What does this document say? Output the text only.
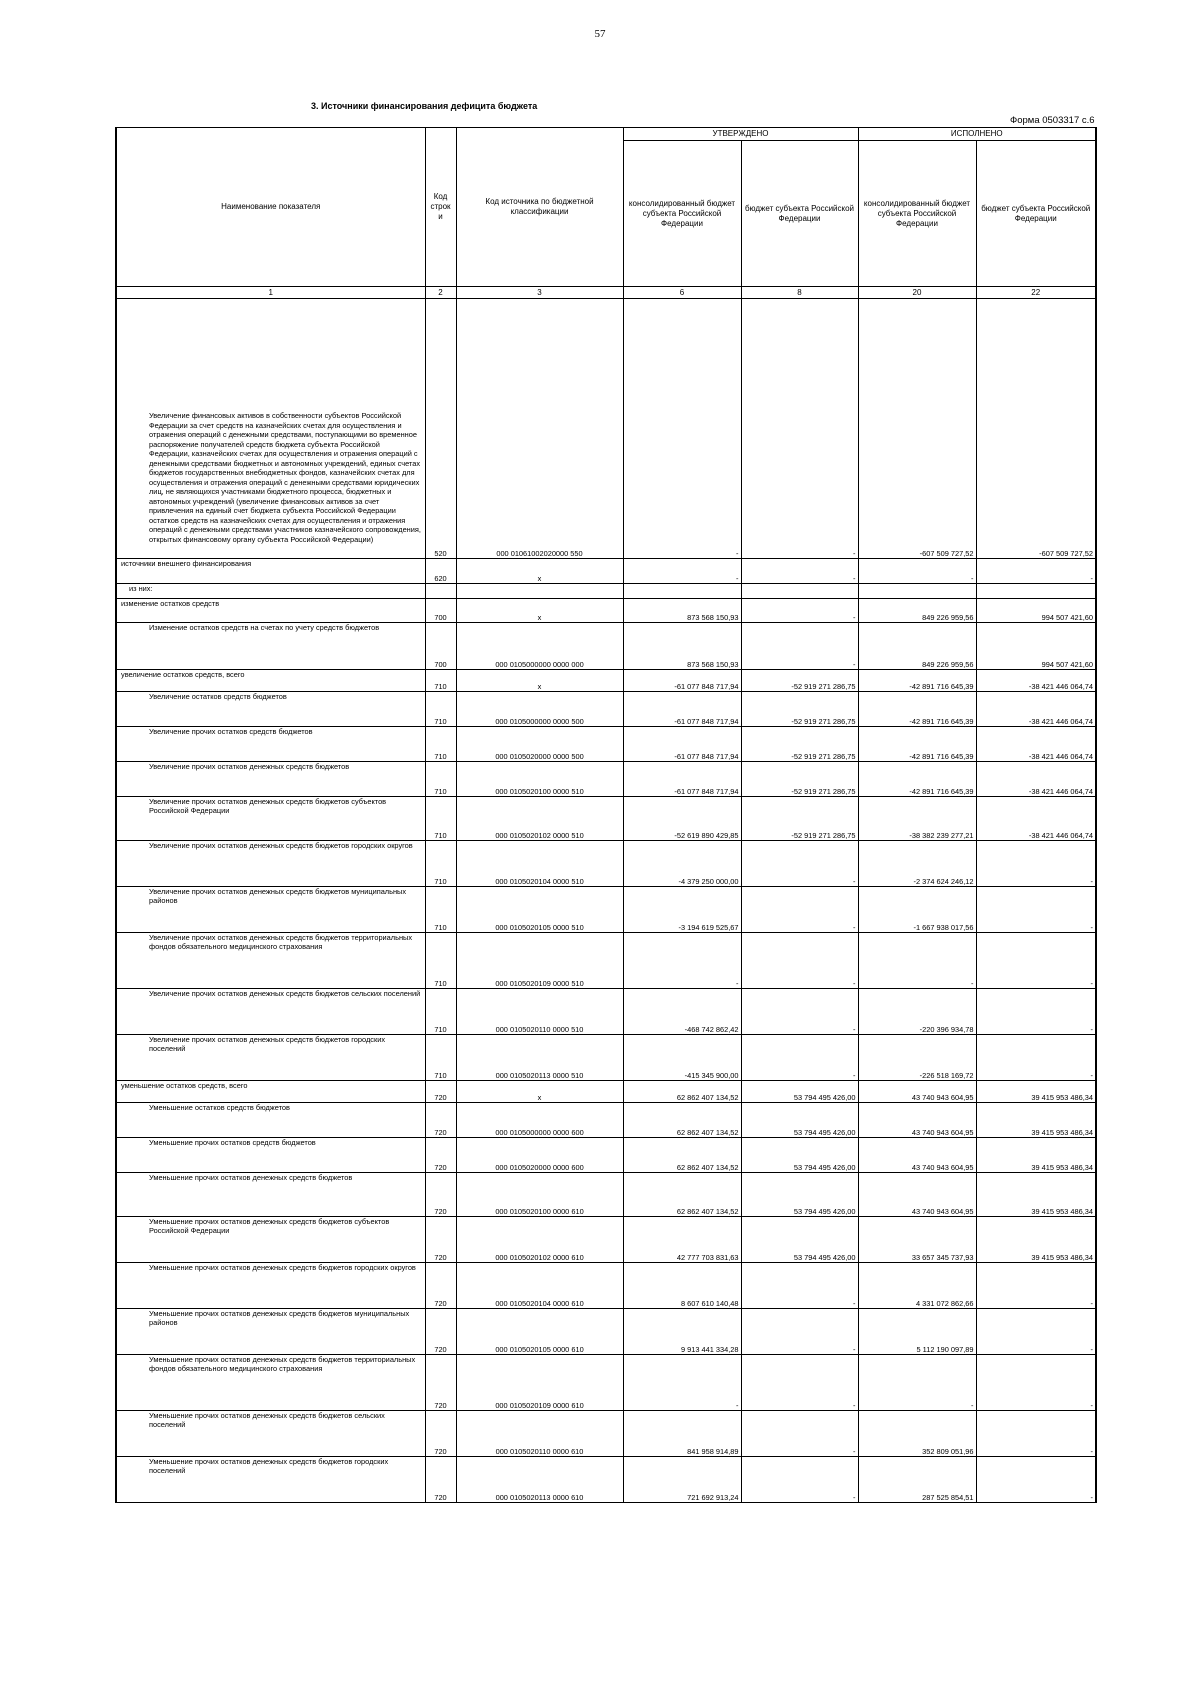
57
3. Источники финансирования дефицита бюджета
Форма 0503317 с.6
Наименование показателя	Код строк и	Код источника по бюджетной классификации	УТВЕРЖДЕНО		ИСПОЛНЕНО	
			консолидированный бюджет субъекта Российской Федерации	бюджет субъекта Российской Федерации	консолидированный бюджет субъекта Российской Федерации	бюджет субъекта Российской Федерации
1	2	3	6	8	20	22
Увеличение финансовых активов в собственности субъектов Российской Федерации за счет средств на казначейских счетах для осуществления и отражения операций с денежными средствами, поступающими во временное распоряжение получателей средств бюджета субъекта Российской Федерации, казначейских счетах для осуществления и отражения операций с денежными средствами бюджетных и автономных учреждений, единых счетах бюджетов государственных внебюджетных фондов, казначейских счетах для осуществления и отражения операций с денежными средствами юридических лиц, не являющихся участниками бюджетного процесса, бюджетных и автономных учреждений (увеличение финансовых активов за счет привлечения на единый счет бюджета субъекта Российской Федерации остатков средств на казначейских счетах для осуществления и отражения операций с денежными средствами участников казначейского сопровождения, открытых финансовому органу субъекта Российской Федерации)	520	000 01061002020000 550	-	-	-607 509 727,52	-607 509 727,52
источники внешнего финансирования	620	x	-	-	-	-
из них:						
изменение остатков средств	700	x	873 568 150,93	-	849 226 959,56	994 507 421,60
Изменение остатков средств на счетах по учету средств бюджетов	700	000 0105000000 0000 000	873 568 150,93	-	849 226 959,56	994 507 421,60
увеличение остатков средств, всего	710	x	-61 077 848 717,94	-52 919 271 286,75	-42 891 716 645,39	-38 421 446 064,74
Увеличение остатков средств бюджетов	710	000 0105000000 0000 500	-61 077 848 717,94	-52 919 271 286,75	-42 891 716 645,39	-38 421 446 064,74
Увеличение прочих остатков средств бюджетов	710	000 0105020000 0000 500	-61 077 848 717,94	-52 919 271 286,75	-42 891 716 645,39	-38 421 446 064,74
Увеличение прочих остатков денежных средств бюджетов	710	000 0105020100 0000 510	-61 077 848 717,94	-52 919 271 286,75	-42 891 716 645,39	-38 421 446 064,74
Увеличение прочих остатков денежных средств бюджетов субъектов Российской Федерации	710	000 0105020102 0000 510	-52 619 890 429,85	-52 919 271 286,75	-38 382 239 277,21	-38 421 446 064,74
Увеличение прочих остатков денежных средств бюджетов городских округов	710	000 0105020104 0000 510	-4 379 250 000,00	-	-2 374 624 246,12	-
Увеличение прочих остатков денежных средств бюджетов муниципальных районов	710	000 0105020105 0000 510	-3 194 619 525,67	-	-1 667 938 017,56	-
Увеличение прочих остатков денежных средств бюджетов территориальных фондов обязательного медицинского страхования	710	000 0105020109 0000 510	-	-	-	-
Увеличение прочих остатков денежных средств бюджетов сельских поселений	710	000 0105020110 0000 510	-468 742 862,42	-	-220 396 934,78	-
Увеличение прочих остатков денежных средств бюджетов городских поселений	710	000 0105020113 0000 510	-415 345 900,00	-	-226 518 169,72	-
уменьшение остатков средств, всего	720	x	62 862 407 134,52	53 794 495 426,00	43 740 943 604,95	39 415 953 486,34
Уменьшение остатков средств бюджетов	720	000 0105000000 0000 600	62 862 407 134,52	53 794 495 426,00	43 740 943 604,95	39 415 953 486,34
Уменьшение прочих остатков средств бюджетов	720	000 0105020000 0000 600	62 862 407 134,52	53 794 495 426,00	43 740 943 604,95	39 415 953 486,34
Уменьшение прочих остатков денежных средств бюджетов	720	000 0105020100 0000 610	62 862 407 134,52	53 794 495 426,00	43 740 943 604,95	39 415 953 486,34
Уменьшение прочих остатков денежных средств бюджетов субъектов Российской Федерации	720	000 0105020102 0000 610	42 777 703 831,63	53 794 495 426,00	33 657 345 737,93	39 415 953 486,34
Уменьшение прочих остатков денежных средств бюджетов городских округов	720	000 0105020104 0000 610	8 607 610 140,48	-	4 331 072 862,66	-
Уменьшение прочих остатков денежных средств бюджетов муниципальных районов	720	000 0105020105 0000 610	9 913 441 334,28	-	5 112 190 097,89	-
Уменьшение прочих остатков денежных средств бюджетов территориальных фондов обязательного медицинского страхования	720	000 0105020109 0000 610	-	-	-	-
Уменьшение прочих остатков денежных средств бюджетов сельских поселений	720	000 0105020110 0000 610	841 958 914,89	-	352 809 051,96	-
Уменьшение прочих остатков денежных средств бюджетов городских поселений	720	000 0105020113 0000 610	721 692 913,24	-	287 525 854,51	-
